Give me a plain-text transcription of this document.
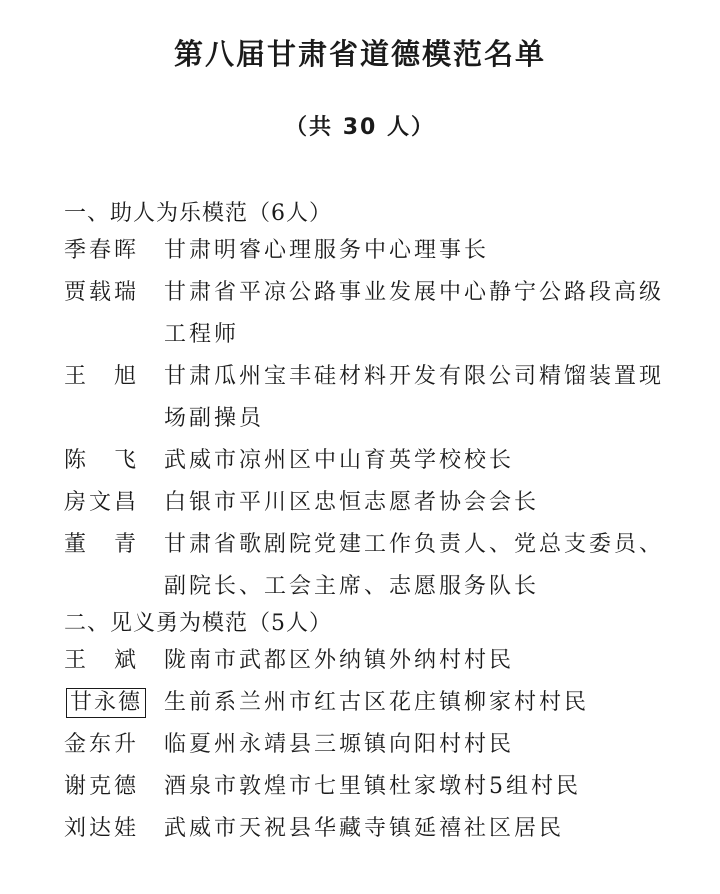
第八届甘肃省道德模范名单
（共 30 人）
一、助人为乐模范（6人）
季春晖	甘肃明睿心理服务中心理事长
贾载瑞	甘肃省平凉公路事业发展中心静宁公路段高级工程师
王　旭	甘肃瓜州宝丰硅材料开发有限公司精馏装置现场副操员
陈　飞	武威市凉州区中山育英学校校长
房文昌	白银市平川区忠恒志愿者协会会长
董　青	甘肃省歌剧院党建工作负责人、党总支委员、副院长、工会主席、志愿服务队长
二、见义勇为模范（5人）
王　斌	陇南市武都区外纳镇外纳村村民
甘永德 生前系兰州市红古区花庄镇柳家村村民
金东升	临夏州永靖县三塬镇向阳村村民
谢克德	酒泉市敦煌市七里镇杜家墩村5组村民
刘达娃	武威市天祝县华藏寺镇延禧社区居民
